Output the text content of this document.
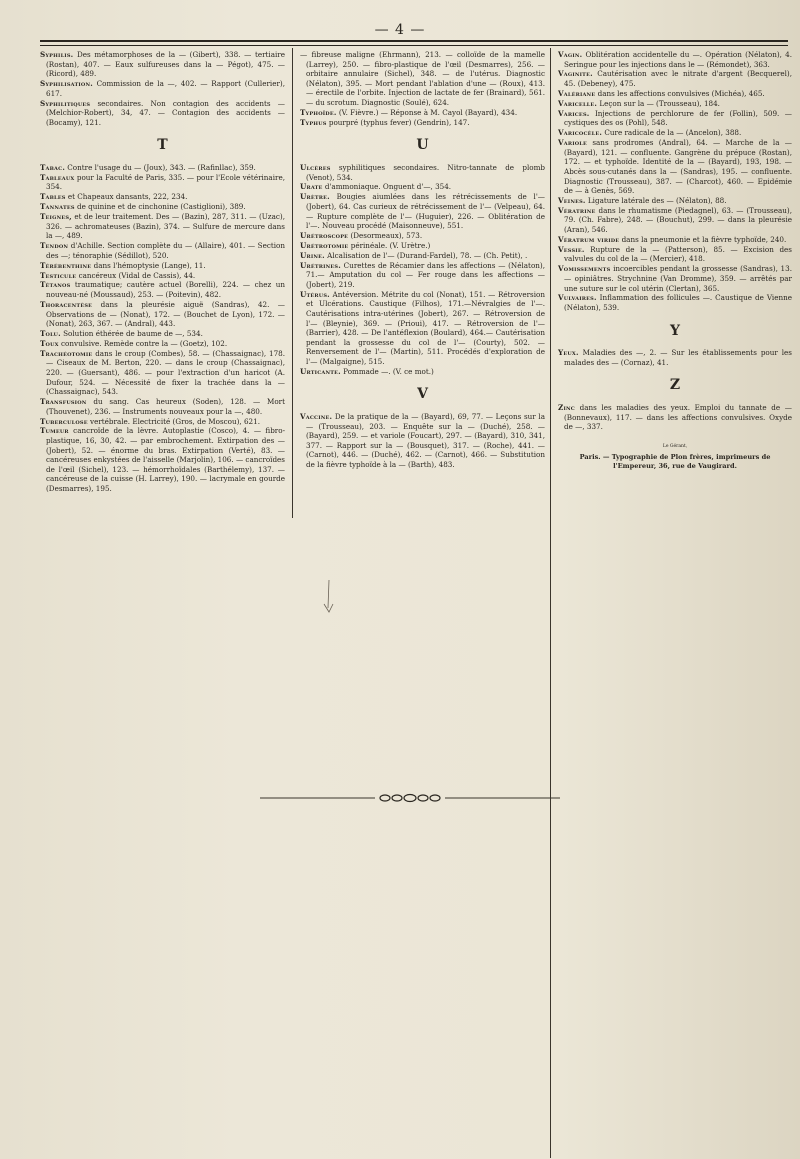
— 4 —
Syphilis. Des métamorphoses de la — (Gibert), 338. — tertiaire (Rostan), 407. — Eaux sulfureuses dans la — Pégot), 475. — (Ricord), 489.
Syphilisation. Commission de la —, 402. — Rapport (Cullerier), 617.
Syphilitiques secondaires. Non contagion des accidents — (Melchior-Robert), 34, 47. — Contagion des accidents — (Bocamy), 121.
T
Tabac. Contre l'usage du — (Joux), 343. — (Rafinllac), 359.
Tableaux pour la Faculté de Paris, 335. — pour l'Ecole vétérinaire, 354.
Tables et Chapeaux dansants, 222, 234.
Tannates de quinine et de cinchonine (Castiglioni), 389.
Teignes, et de leur traitement. Des — (Bazin), 287, 311. — (Uzac), 326. — achromateuses (Bazin), 374. — Sulfure de mercure dans la —, 489.
Tendon d'Achille. Section complète du — (Allaire), 401. — Section des —; ténoraphie (Sédillot), 520.
Térébenthine dans l'hémoptysie (Lange), 11.
Testicule cancéreux (Vidal de Cassis), 44.
Tétanos traumatique; cautère actuel (Borelli), 224. — chez un nouveau-né (Moussaud), 253. — (Poitevin), 482.
Thoracentèse dans la pleurésie aiguë (Sandras), 42. — Observations de — (Nonat), 172. — (Bouchet de Lyon), 172. — (Nonat), 263, 367. — (Andral), 443.
Tolu. Solution éthérée de baume de —, 534.
Toux convulsive. Remède contre la — (Goetz), 102.
Trachéotomie dans le croup (Combes), 58. — (Chassaignac), 178. — Ciseaux de M. Berton, 220. — dans le croup (Chassaignac), 220. — (Guersant), 486. — pour l'extraction d'un haricot (A. Dufour, 524. — Nécessité de fixer la trachée dans la — (Chassaignac), 543.
Transfusion du sang. Cas heureux (Soden), 128. — Mort (Thouvenet), 236. — Instruments nouveaux pour la —, 480.
Tuberculose vertébrale. Electricité (Gros, de Moscou), 621.
Tumeur cancroïde de la lèvre. Autoplastie (Cosco), 4. — fibro-plastique, 16, 30, 42. — par embrochement. Extirpation des — (Jobert), 52. — énorme du bras. Extirpation (Verté), 83. — cancéreuses enkystées de l'aisselle (Marjolin), 106. — cancroïdes de l'œil (Sichel), 123. — hémorrhoïdales (Barthélemy), 137. — cancéreuse de la cuisse (H. Larrey), 190. — lacrymale en gourde (Desmarres), 195.
— fibreuse maligne (Ehrmann), 213. — colloïde de la mamelle (Larrey), 250. — fibro-plastique de l'œil (Desmarres), 256. — orbitaire annulaire (Sichel), 348. — de l'utérus. Diagnostic (Nélaton), 395. — Mort pendant l'ablation d'une — (Roux), 413. — érectile de l'orbite. Injection de lactate de fer (Brainard), 561. — du scrotum. Diagnostic (Soulé), 624.
Typhoïde. (V. Fièvre.) — Réponse à M. Cayol (Bayard), 434.
Typhus pourpré (typhus fever) (Gendrin), 147.
U
Ulcères syphilitiques secondaires. Nitro-tannate de plomb (Venot), 534.
Urate d'ammoniaque. Onguent d'—, 354.
Urètre. Bougies aiumlées dans les rétrécissements de l'— (Jobert), 64. Cas curieux de rétrécissement de l'— (Velpeau), 64. — Rupture complète de l'— (Huguier), 226. — Oblitération de l'—. Nouveau procédé (Maisonneuve), 551.
Urétroscope (Desormeaux), 573.
Urétrotomie périnéale. (V. Urètre.)
Urine. Alcalisation de l'— (Durand-Fardel), 78. — (Ch. Petit), .
Urétrines. Curettes de Récamier dans les affections — (Nélaton), 71.— Amputation du col — Fer rouge dans les affections — (Jobert), 219.
Utérus. Antéversion. Métrite du col (Nonat), 151. — Rétroversion et Ulcérations. Caustique (Filhos), 171.—Névralgies de l'—. Cautérisations intra-utérines (Jobert), 267. — Rétroversion de l'— (Bleynie), 369. — (Prioui), 417. — Rétroversion de l'— (Barrier), 428. — De l'antéflexion (Boulard), 464.— Cautérisation pendant la grossesse du col de l'— (Courty), 502. — Renversement de l'— (Martin), 511. Procédés d'exploration de l'— (Malgaigne), 515.
Urticante. Pommade —. (V. ce mot.)
V
Vaccine. De la pratique de la — (Bayard), 69, 77. — Leçons sur la — (Trousseau), 203. — Enquête sur la — (Duché), 258. — (Bayard), 259. — et variole (Foucart), 297. — (Bayard), 310, 341, 377. — Rapport sur la — (Bousquet), 317. — (Roche), 441. — (Carnot), 446. — (Duché), 462. — (Carnot), 466. — Substitution de la fièvre typhoïde à la — (Barth), 483.
Vagin. Oblitération accidentelle du —. Opération (Nélaton), 4. Seringue pour les injections dans le — (Rémondet), 363.
Vaginite. Cautérisation avec le nitrate d'argent (Becquerel), 45. (Debeney), 475.
Valériane dans les affections convulsives (Michéa), 465.
Varicelle. Leçon sur la — (Trousseau), 184.
Varices. Injections de perchlorure de fer (Follin), 509. — cystiques des os (Pohl), 548.
Varicocèle. Cure radicale de la — (Ancelon), 388.
Variole sans prodromes (Andral), 64. — Marche de la — (Bayard), 121. — confluente. Gangrène du prépuce (Rostan), 172. — et typhoïde. Identité de la — (Bayard), 193, 198. — Abcès sous-cutanés dans la — (Sandras), 195. — confluente. Diagnostic (Trousseau), 387. — (Charcot), 460. — Epidémie de — à Genès, 569.
Veines. Ligature latérale des — (Nélaton), 88.
Vératrine dans le rhumatisme (Piedagnel), 63. — (Trousseau), 79. (Ch. Fabre), 248. — (Bouchut), 299. — dans la pleurésie (Aran), 546.
Vératrum viride dans la pneumonie et la fièvre typhoïde, 240.
Vessie. Rupture de la — (Patterson), 85. — Excision des valvules du col de la — (Mercier), 418.
Vomissements incoercibles pendant la grossesse (Sandras), 13. — opiniâtres. Strychnine (Van Dromme), 359. — arrêtés par une suture sur le col utérin (Clertan), 365.
Vulvaires. Inflammation des follicules —. Caustique de Vienne (Nélaton), 539.
Y
Yeux. Maladies des —, 2. — Sur les établissements pour les malades des — (Cornaz), 41.
Z
Zinc dans les maladies des yeux. Emploi du tannate de — (Bonnevaux), 117. — dans les affections convulsives. Oxyde de —, 337.
Le Gérant,
Paris. — Typographie de Plon frères, imprimeurs de l'Empereur, 36, rue de Vaugirard.
